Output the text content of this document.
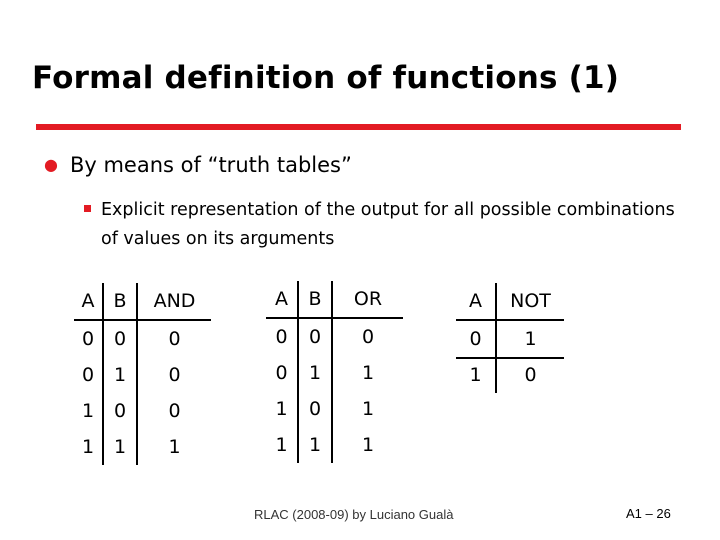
Formal definition of functions (1)
● By means of “truth tables”
Explicit representation of the output for all possible combinations of values on its arguments
A	B	AND
0	0	0
0	1	0
1	0	0
1	1	1
A	B	OR
0	0	0
0	1	1
1	0	1
1	1	1
A	NOT
0	1
1	0
RLAC (2008-09) by Luciano Gualà	A1 – 26
